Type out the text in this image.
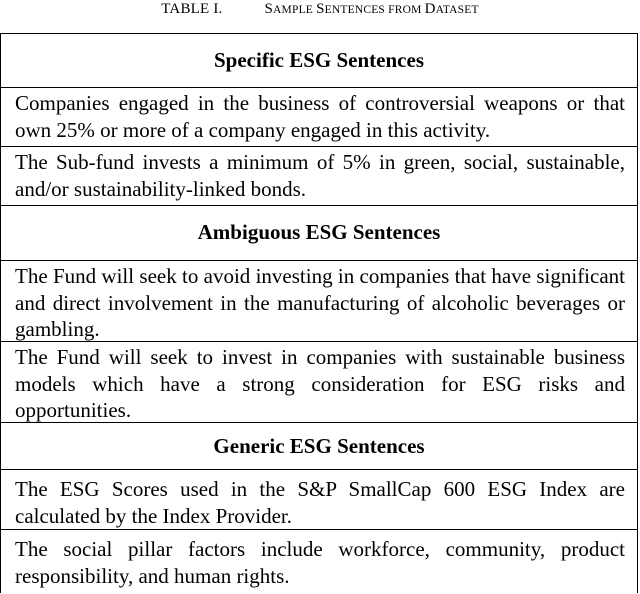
TABLE I.	SAMPLE SENTENCES FROM DATASET
Specific ESG Sentences
Companies engaged in the business of controversial weapons or that own 25% or more of a company engaged in this activity.
The Sub-fund invests a minimum of 5% in green, social, sustainable, and/or sustainability-linked bonds.
Ambiguous ESG Sentences
The Fund will seek to avoid investing in companies that have significant and direct involvement in the manufacturing of alcoholic beverages or gambling.
The Fund will seek to invest in companies with sustainable business models which have a strong consideration for ESG risks and opportunities.
Generic ESG Sentences
The ESG Scores used in the S&P SmallCap 600 ESG Index are calculated by the Index Provider.
The social pillar factors include workforce, community, product responsibility, and human rights.
